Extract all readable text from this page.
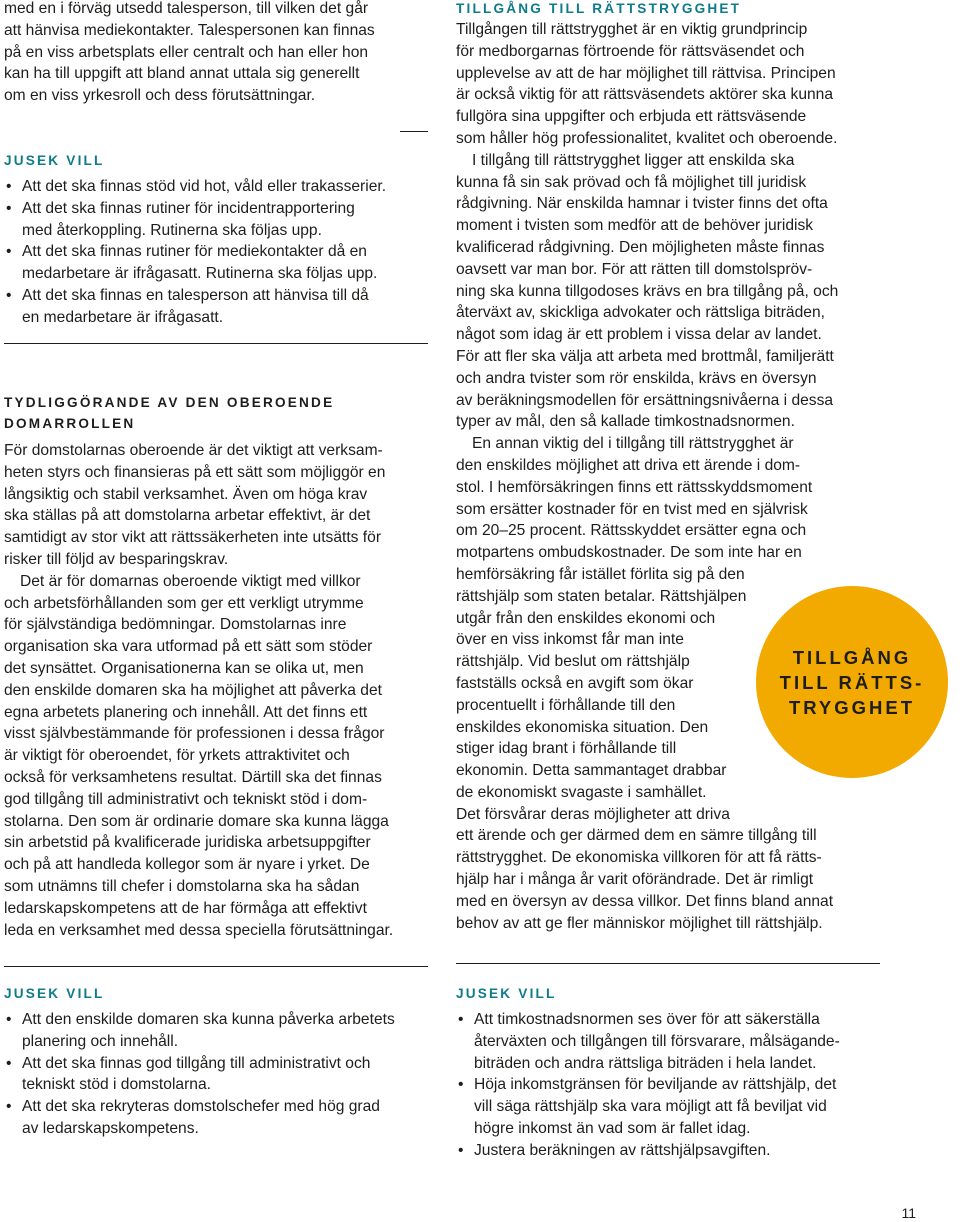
med en i förväg utsedd talesperson, till vilken det går
att hänvisa mediekontakter. Talespersonen kan finnas
på en viss arbetsplats eller centralt och han eller hon
kan ha till uppgift att bland annat uttala sig generellt
om en viss yrkesroll och dess förutsättningar.

JUSEK VILL
• Att det ska finnas stöd vid hot, våld eller trakasserier.
• Att det ska finnas rutiner för incidentrapportering
med återkoppling. Rutinerna ska följas upp.
• Att det ska finnas rutiner för mediekontakter då en
medarbetare är ifrågasatt. Rutinerna ska följas upp.
• Att det ska finnas en talesperson att hänvisa till då
en medarbetare är ifrågasatt.
TYDLIGGÖRANDE AV DEN OBEROENDE
DOMARROLLEN

För domstolarnas oberoende är det viktigt att verksam-
heten styrs och finansieras på ett sätt som möjliggör en
långsiktig och stabil verksamhet. Även om höga krav
ska ställas på att domstolarna arbetar effektivt, är det
samtidigt av stor vikt att rättssäkerheten inte utsätts för
risker till följd av besparingskrav.

Det är för domarnas oberoende viktigt med villkor
och arbetsförhållanden som ger ett verkligt utrymme
för självständiga bedömningar. Domstolarnas inre
organisation ska vara utformad på ett sätt som stöder
det synsättet. Organisationerna kan se olika ut, men
den enskilde domaren ska ha möjlighet att påverka det
egna arbetets planering och innehåll. Att det finns ett
visst självbestämmande för professionen i dessa frågor
är viktigt för oberoendet, för yrkets attraktivitet och
också för verksamhetens resultat. Därtill ska det finnas
god tillgång till administrativt och tekniskt stöd i dom-
stolarna. Den som är ordinarie domare ska kunna lägga
sin arbetstid på kvalificerade juridiska arbetsuppgifter
och på att handleda kollegor som är nyare i yrket. De
som utnämns till chefer i domstolarna ska ha sådan
ledarskapskompetens att de har förmåga att effektivt
leda en verksamhet med dessa speciella förutsättningar.

TILLGÅNG TILL RÄTTSTRYGGHET

Tillgången till rättstrygghet är en viktig grundprincip
för medborgarnas förtroende för rättsväsendet och
upplevelse av att de har möjlighet till rättvisa. Principen
är också viktig för att rättsväsendets aktörer ska kunna
fullgöra sina uppgifter och erbjuda ett rättsväsende
som håller hög professionalitet, kvalitet och oberoende.

I tillgång till rättstrygghet ligger att enskilda ska
kunna få sin sak prövad och få möjlighet till juridisk
rådgivning. När enskilda hamnar i tvister finns det ofta
moment i tvisten som medför att de behöver juridisk
kvalificerad rådgivning. Den möjligheten måste finnas
oavsett var man bor. För att rätten till domstolspröv-
ning ska kunna tillgodoses krävs en bra tillgång på, och
återväxt av, skickliga advokater och rättsliga biträden,
något som idag är ett problem i vissa delar av landet.
För att fler ska välja att arbeta med brottmål, familjerätt
och andra tvister som rör enskilda, krävs en översyn
av beräkningsmodellen för ersättningsnivåerna i dessa
typer av mål, den så kallade timkostnadsnormen.

En annan viktig del i tillgång till rättstrygghet är
den enskildes möjlighet att driva ett ärende i dom-
stol. I hemförsäkringen finns ett rättsskyddsmoment
som ersätter kostnader för en tvist med en självrisk
om 20–25 procent. Rättsskyddet ersätter egna och
motpartens ombudskostnader. De som inte har en
hemförsäkring får istället förlita sig på den
rättshjälp som staten betalar. Rättshjälpen
utgår från den enskildes ekonomi och
över en viss inkomst får man inte
rättshjälp. Vid beslut om rättshjälp
fastställs också en avgift som ökar
procentuellt i förhållande till den
enskildes ekonomiska situation. Den
stiger idag brant i förhållande till
ekonomin. Detta sammantaget drabbar
de ekonomiskt svagaste i samhället.
Det försvårar deras möjligheter att driva
ett ärende och ger därmed dem en sämre tillgång till
rättstrygghet. De ekonomiska villkoren för att få rätts-
hjälp har i många år varit oförändrade. Det är rimligt
med en översyn av dessa villkor. Det finns bland annat
behov av att ge fler människor möjlighet till rättshjälp.

TILLGÅNG
TILL RÄTTS-
TRYGGHET

JUSEK VILL
• Att den enskilde domaren ska kunna påverka arbetets
planering och innehåll.
• Att det ska finnas god tillgång till administrativt och
tekniskt stöd i domstolarna.
• Att det ska rekryteras domstolschefer med hög grad
av ledarskapskompetens.
JUSEK VILL
• Att timkostnadsnormen ses över för att säkerställa
återväxten och tillgången till försvarare, målsägande-
biträden och andra rättsliga biträden i hela landet.
• Höja inkomstgränsen för beviljande av rättshjälp, det
vill säga rättshjälp ska vara möjligt att få beviljat vid
högre inkomst än vad som är fallet idag.
• Justera beräkningen av rättshjälpsavgiften.
11
